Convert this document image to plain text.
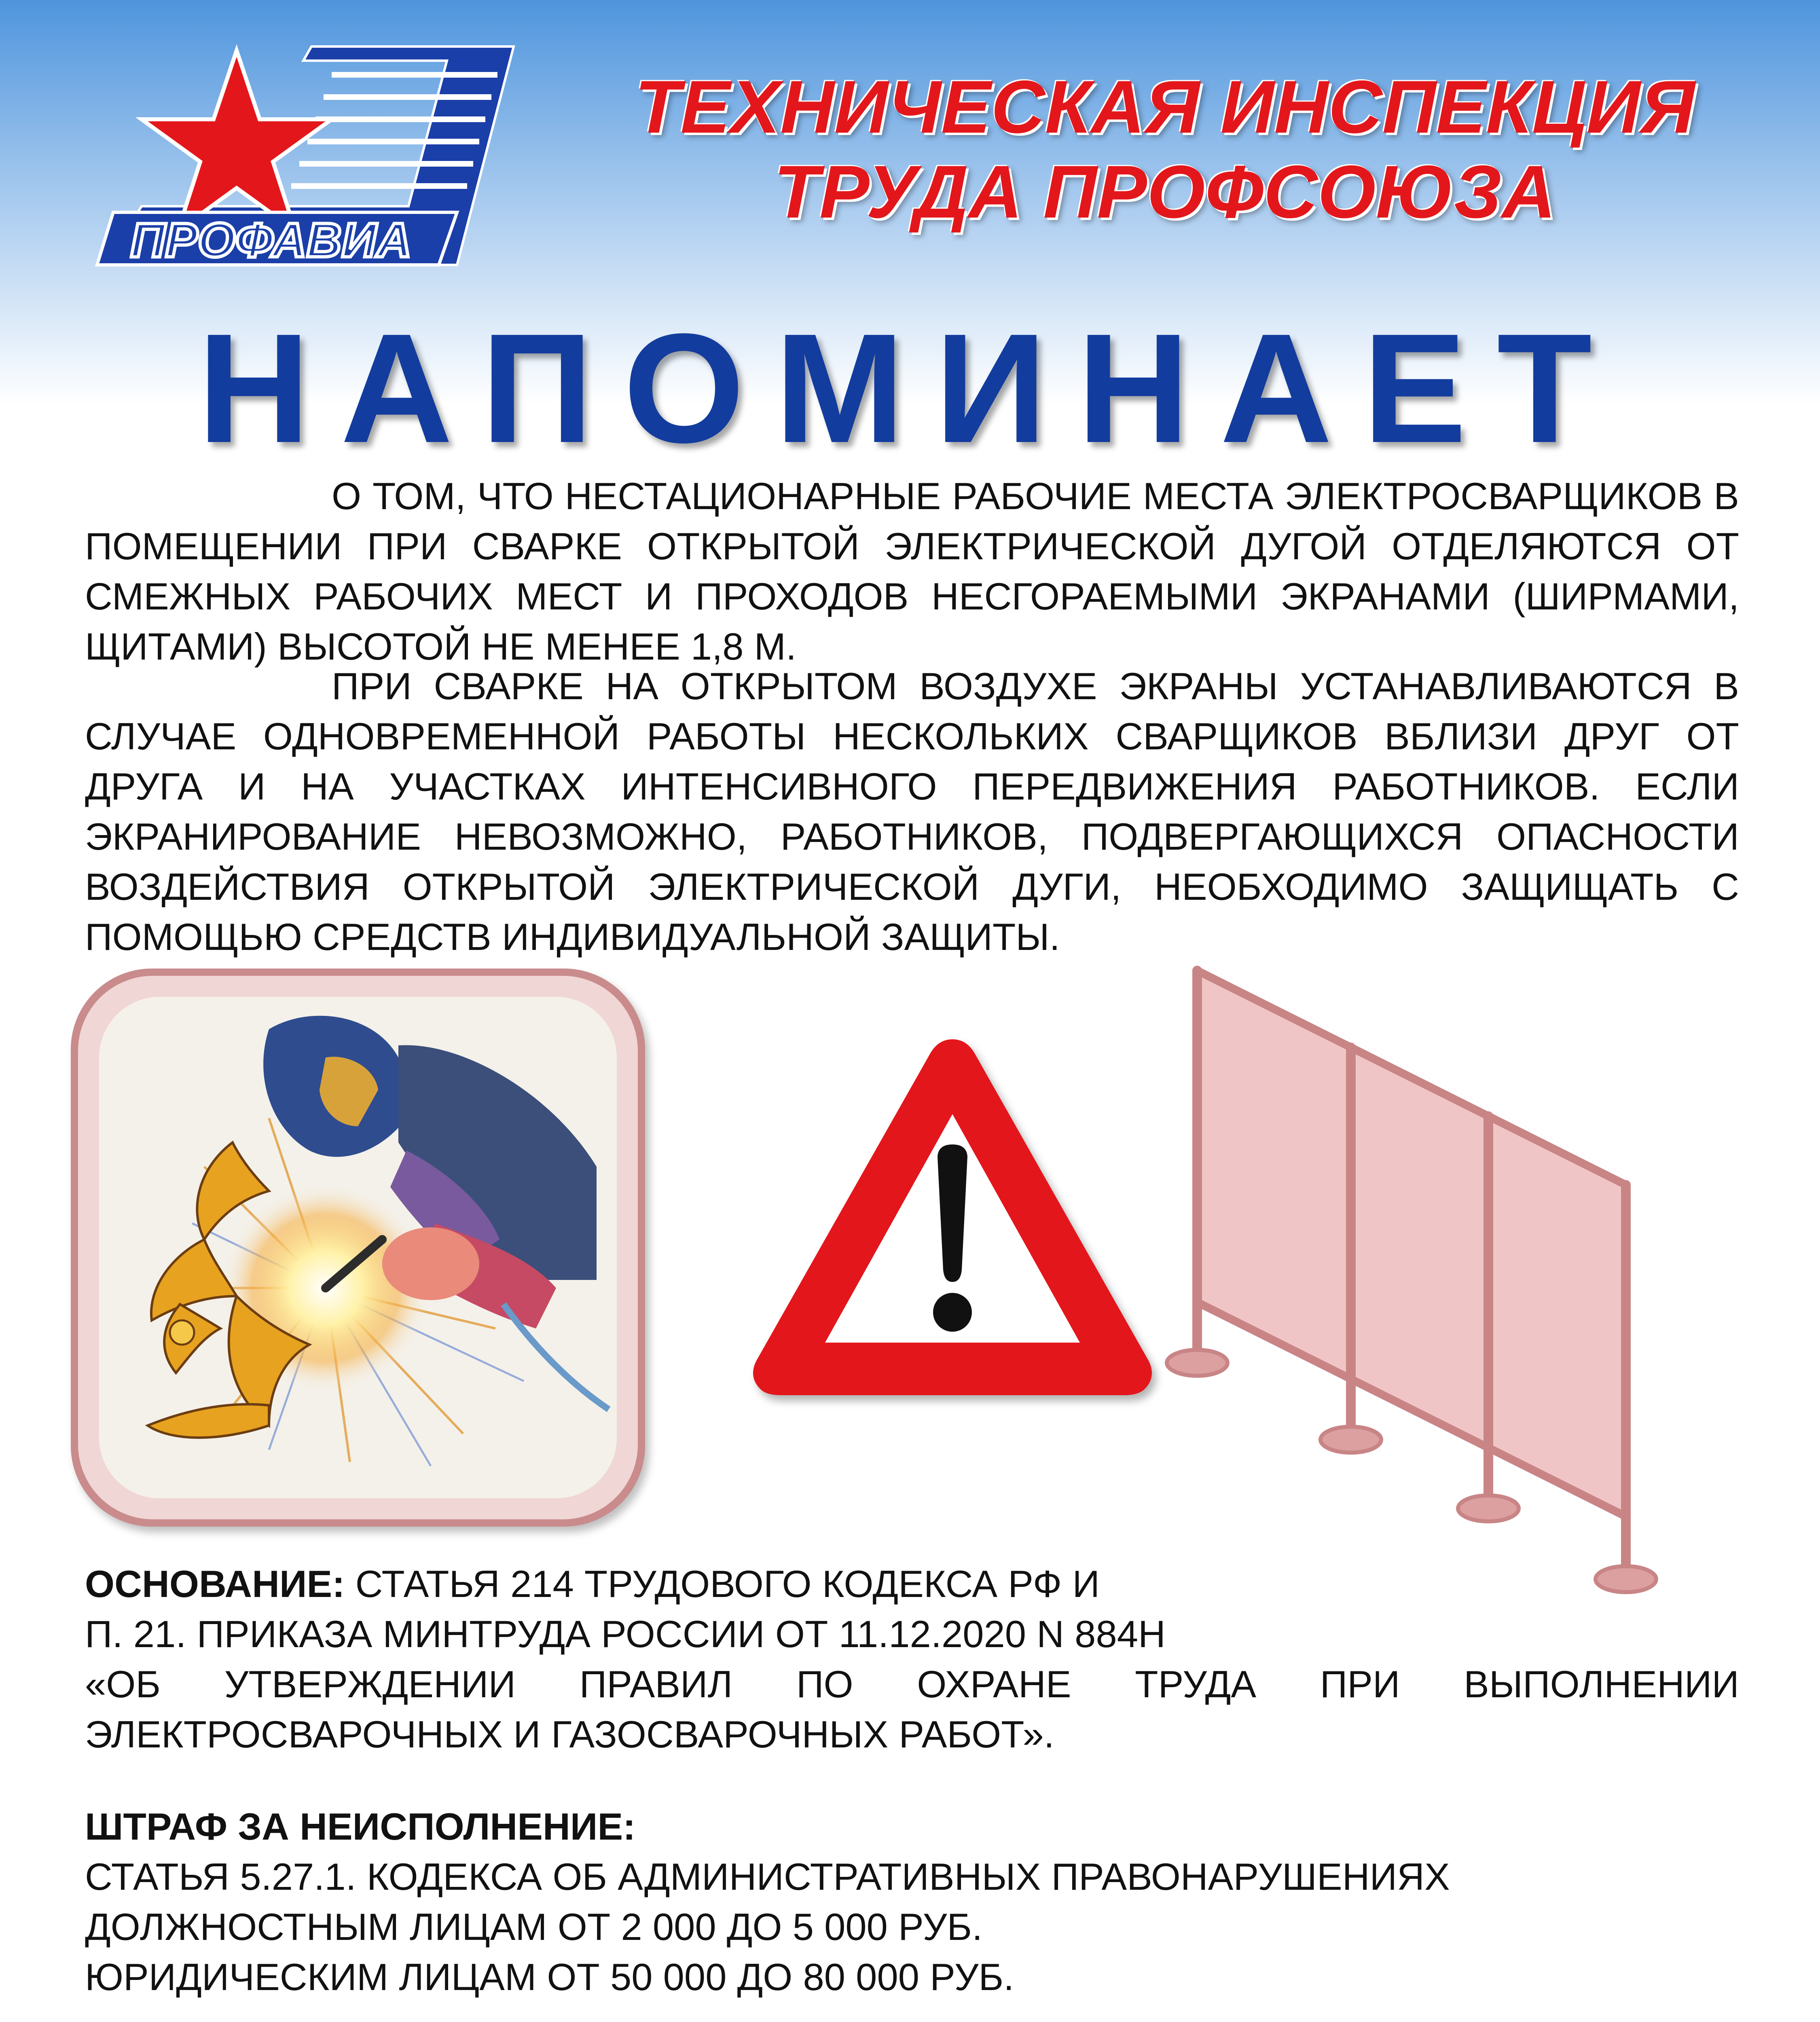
ПРОФАВИА
ТЕХНИЧЕСКАЯ ИНСПЕКЦИЯ
ТРУДА ПРОФСОЮЗА
НАПОМИНАЕТ
О ТОМ, ЧТО НЕСТАЦИОНАРНЫЕ РАБОЧИЕ МЕСТА ЭЛЕКТРОСВАРЩИКОВ В ПОМЕЩЕНИИ ПРИ СВАРКЕ ОТКРЫТОЙ ЭЛЕКТРИЧЕСКОЙ ДУГОЙ ОТДЕЛЯЮТСЯ ОТ СМЕЖНЫХ РАБОЧИХ МЕСТ И ПРОХОДОВ НЕСГОРАЕМЫМИ ЭКРАНАМИ (ШИРМАМИ, ЩИТАМИ) ВЫСОТОЙ НЕ МЕНЕЕ 1,8 М.
ПРИ СВАРКЕ НА ОТКРЫТОМ ВОЗДУХЕ ЭКРАНЫ УСТАНАВЛИВАЮТСЯ В СЛУЧАЕ ОДНОВРЕМЕННОЙ РАБОТЫ НЕСКОЛЬКИХ СВАРЩИКОВ ВБЛИЗИ ДРУГ ОТ ДРУГА И НА УЧАСТКАХ ИНТЕНСИВНОГО ПЕРЕДВИЖЕНИЯ РАБОТНИКОВ. ЕСЛИ ЭКРАНИРОВАНИЕ НЕВОЗМОЖНО, РАБОТНИКОВ, ПОДВЕРГАЮЩИХСЯ ОПАСНОСТИ ВОЗДЕЙСТВИЯ ОТКРЫТОЙ ЭЛЕКТРИЧЕСКОЙ ДУГИ, НЕОБХОДИМО ЗАЩИЩАТЬ С ПОМОЩЬЮ СРЕДСТВ ИНДИВИДУАЛЬНОЙ ЗАЩИТЫ.
ОСНОВАНИЕ: СТАТЬЯ 214 ТРУДОВОГО КОДЕКСА РФ И
П. 21. ПРИКАЗА МИНТРУДА РОССИИ ОТ 11.12.2020 N 884Н
«ОБ УТВЕРЖДЕНИИ ПРАВИЛ ПО ОХРАНЕ ТРУДА ПРИ ВЫПОЛНЕНИИ
ЭЛЕКТРОСВАРОЧНЫХ И ГАЗОСВАРОЧНЫХ РАБОТ».
ШТРАФ ЗА НЕИСПОЛНЕНИЕ:
СТАТЬЯ 5.27.1. КОДЕКСА ОБ АДМИНИСТРАТИВНЫХ ПРАВОНАРУШЕНИЯХ
ДОЛЖНОСТНЫМ ЛИЦАМ ОТ 2 000 ДО 5 000 РУБ.
ЮРИДИЧЕСКИМ ЛИЦАМ ОТ 50 000 ДО 80 000 РУБ.
